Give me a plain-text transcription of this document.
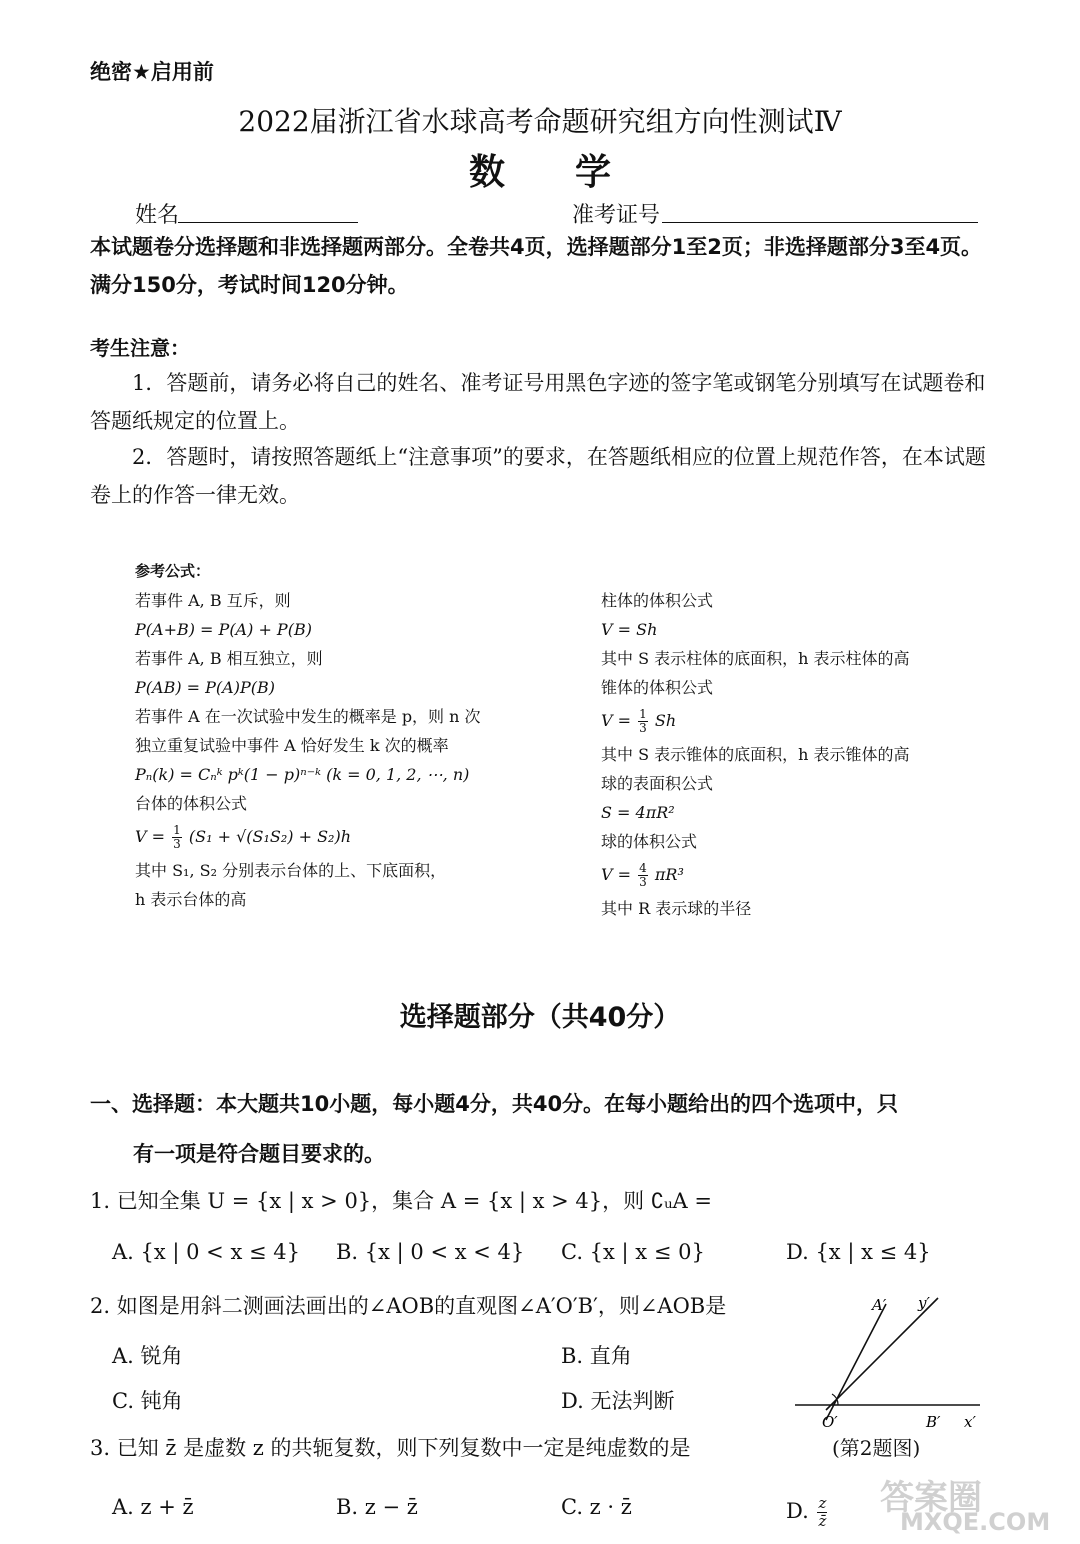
绝密★启用前
2022届浙江省水球高考命题研究组方向性测试Ⅳ
数学
姓名	准考证号
本试题卷分选择题和非选择题两部分。全卷共4页，选择题部分1至2页；非选择题部分3至4页。满分150分，考试时间120分钟。
考生注意：
1．答题前，请务必将自己的姓名、准考证号用黑色字迹的签字笔或钢笔分别填写在试题卷和答题纸规定的位置上。
2．答题时，请按照答题纸上“注意事项”的要求，在答题纸相应的位置上规范作答，在本试题卷上的作答一律无效。
参考公式：
若事件 A, B 互斥，则
P(A+B) = P(A) + P(B)
若事件 A, B 相互独立，则
P(AB) = P(A)P(B)
若事件 A 在一次试验中发生的概率是 p，则 n 次
独立重复试验中事件 A 恰好发生 k 次的概率
Pₙ(k) = Cₙᵏ pᵏ(1 − p)ⁿ⁻ᵏ (k = 0, 1, 2, ⋯, n)
台体的体积公式
$V = \frac{1}{3} (S_1 + √(S_1S_2) + S_2)h$
其中 S₁, S₂ 分别表示台体的上、下底面积，
h 表示台体的高
柱体的体积公式
V = Sh
其中 S 表示柱体的底面积，h 表示柱体的高
锥体的体积公式
$V = \frac{1}{3}$ Sh
其中 S 表示锥体的底面积，h 表示锥体的高
球的表面积公式
S = 4πR²
球的体积公式
$V = \frac{4}{3} \pi R^3$
其中 R 表示球的半径
选择题部分（共40分）
一、选择题：本大题共10小题，每小题4分，共40分。在每小题给出的四个选项中，只
有一项是符合题目要求的。
1. 已知全集 U = {x | x > 0}，集合 A = {x | x > 4}，则 ∁ᵤA =
A. {x | 0 < x ≤ 4} B. {x | 0 < x < 4} C. {x | x ≤ 0}	D. {x | x ≤ 4}
2. 如图是用斜二测画法画出的∠AOB的直观图∠A′O′B′，则∠AOB是
A. 锐角	B. 直角
C. 钝角	D. 无法判断
A′ y′
O′	B′ x′
(第2题图)
3. 已知 z̄ 是虚数 z 的共轭复数，则下列复数中一定是纯虚数的是
A. z + z̄	B. z − z̄	C. z · z̄	D. $\frac{z}{z̄}$ 答案圈
MXQE.COM
